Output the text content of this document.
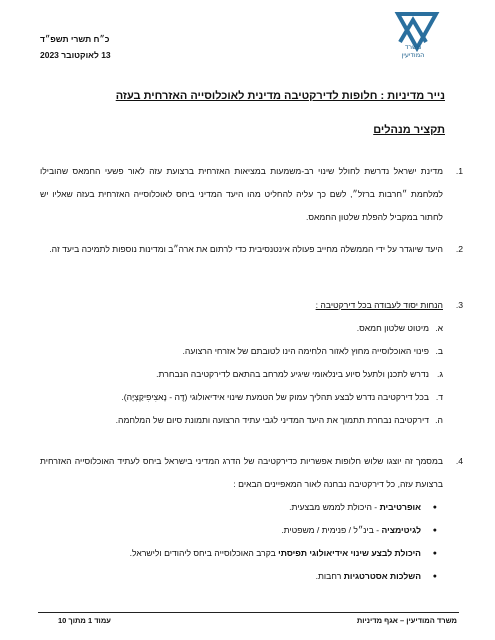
משרד
המודיעין
כ״ח תשרי תשפ״ד
13 לאוקטובר 2023
נייר מדיניות : חלופות לדירקטיבה מדינית לאוכלוסייה האזרחית בעזה
תקציר מנהלים
1.
מדינת ישראל נדרשת לחולל שינוי רב-משמעות במציאות האזרחית ברצועת עזה לאור פשעי החמאס שהובילו למלחמת ״חרבות ברזל״, לשם כך עליה להחליט מהו היעד המדיני ביחס לאוכלוסייה האזרחית בעזה שאליו יש לחתור במקביל להפלת שלטון החמאס.
2.
היעד שיוגדר על ידי הממשלה מחייב פעולה אינטנסיבית כדי לרתום את ארה״ב ומדינות נוספות לתמיכה ביעד זה.
3.
הנחות יסוד לעבודה בכל דירקטיבה :
א.
מיטוט שלטון חמאס.
ב.
פינוי האוכלוסייה מחוץ לאזור הלחימה הינו לטובתם של אזרחי הרצועה.
ג.
נדרש לתכנן ולתעל סיוע בינלאומי שיגיע למרחב בהתאם לדירקטיבה הנבחרת.
ד.
בכל דירקטיבה נדרש לבצע תהליך עמוק של הטמעת שינוי אידיאולוגי (דֶּה - נָאצִיפִיקַצְיָה).
ה.
דירקטיבה נבחרת תתמוך את היעד המדיני לגבי עתיד הרצועה ותמונת סיום של המלחמה.
4.
במסמך זה יוצגו שלוש חלופות אפשריות כדירקטיבה של הדרג המדיני בישראל ביחס לעתיד האוכלוסייה האזרחית ברצועת עזה, כל דירקטיבה נבחנה לאור המאפיינים הבאים :
● אופרטיבית - היכולת לממש מבצעית.
● לגיטימציה - בינ״ל / פנימית / משפטית.
● היכולת לבצע שינוי אידיאולוגי תפיסתי בקרב האוכלוסייה ביחס ליהודים ולישראל.
● השלכות אסטרטגיות רחבות.
עמוד 1 מתוך 10	משרד המודיעין – אגף מדיניות
